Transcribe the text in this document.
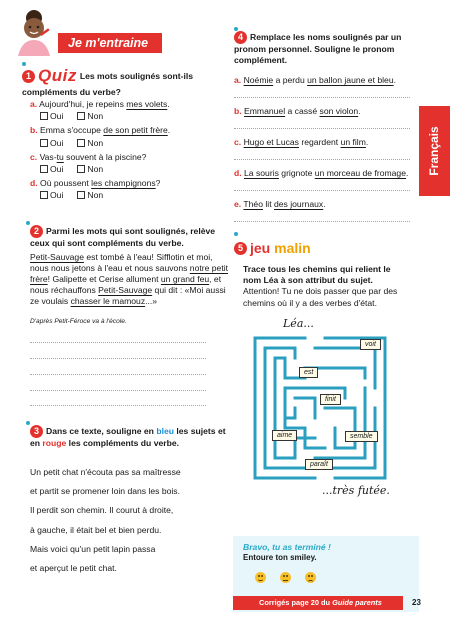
Je m'entraine
Français
1 Quiz Les mots soulignés sont-ils compléments du verbe?
a. Aujourd'hui, je repeins mes volets.
Oui	Non
b. Emma s'occupe de son petit frère.
Oui	Non
c. Vas-tu souvent à la piscine?
Oui	Non
d. Où poussent les champignons?
Oui	Non
2 Parmi les mots qui sont soulignés, relève ceux qui sont compléments du verbe.
Petit-Sauvage est tombé à l'eau! Sifflotin et moi, nous nous jetons à l'eau et nous sauvons notre petit frère! Galipette et Cerise allument un grand feu, et nous réchauffons Petit-Sauvage qui dit : «Moi aussi ze voulais chasser le mamouz...»
D'après Petit-Féroce va à l'école.
3 Dans ce texte, souligne en bleu les sujets et en rouge les compléments du verbe.
Un petit chat n'écouta pas sa maîtresse
et partit se promener loin dans les bois.
Il perdit son chemin. Il courut à droite,
à gauche, il était bel et bien perdu.
Mais voici qu'un petit lapin passa
et aperçut le petit chat.
4 Remplace les noms soulignés par un pronom personnel. Souligne le pronom complément.
a. Noémie a perdu un ballon jaune et bleu.
b. Emmanuel a cassé son violon.
c. Hugo et Lucas regardent un film.
d. La souris grignote un morceau de fromage.
e. Théo lit des journaux.
5 jeu malin
Trace tous les chemins qui relient le nom Léa à son attribut du sujet.
Attention! Tu ne dois passer que par des chemins où il y a des verbes d'état.
Léa...
voit
est
finit
aime	semble
paraît
...très futée.
Bravo, tu as terminé !
Entoure ton smiley.
Corrigés page 20 du Guide parents	23
